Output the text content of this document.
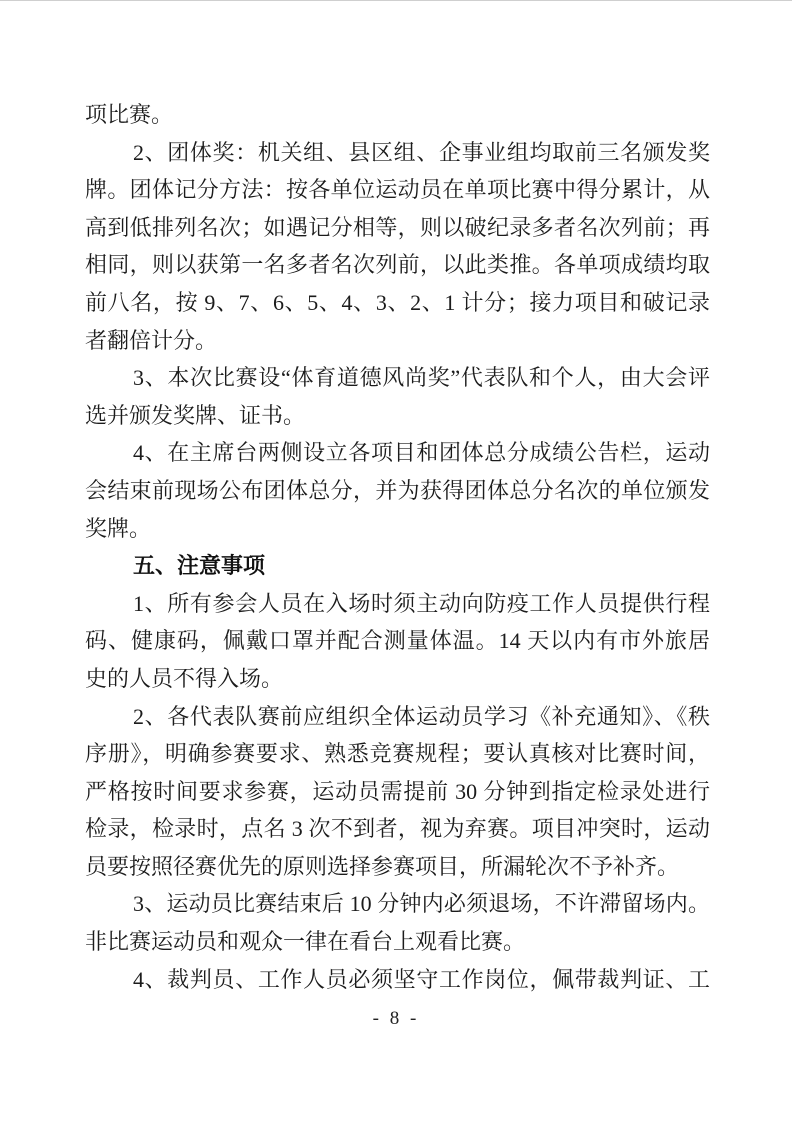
项比赛。
2、团体奖：机关组、县区组、企事业组均取前三名颁发奖
牌。团体记分方法：按各单位运动员在单项比赛中得分累计，从
高到低排列名次；如遇记分相等，则以破纪录多者名次列前；再
相同，则以获第一名多者名次列前，以此类推。各单项成绩均取
前八名，按 9、7、6、5、4、3、2、1 计分；接力项目和破记录
者翻倍计分。
3、本次比赛设“体育道德风尚奖”代表队和个人，由大会评
选并颁发奖牌、证书。
4、在主席台两侧设立各项目和团体总分成绩公告栏，运动
会结束前现场公布团体总分，并为获得团体总分名次的单位颁发
奖牌。
五、注意事项
1、所有参会人员在入场时须主动向防疫工作人员提供行程
码、健康码，佩戴口罩并配合测量体温。14 天以内有市外旅居
史的人员不得入场。
2、各代表队赛前应组织全体运动员学习《补充通知》、《秩
序册》，明确参赛要求、熟悉竞赛规程；要认真核对比赛时间，
严格按时间要求参赛，运动员需提前 30 分钟到指定检录处进行
检录，检录时，点名 3 次不到者，视为弃赛。项目冲突时，运动
员要按照径赛优先的原则选择参赛项目，所漏轮次不予补齐。
3、运动员比赛结束后 10 分钟内必须退场，不许滞留场内。
非比赛运动员和观众一律在看台上观看比赛。
4、裁判员、工作人员必须坚守工作岗位，佩带裁判证、工
- 8 -
